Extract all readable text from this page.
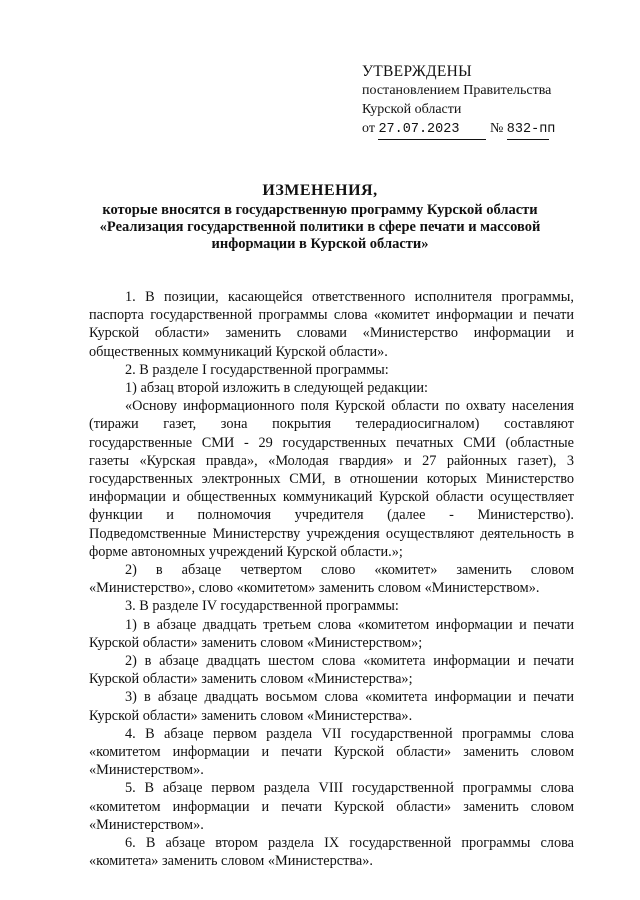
УТВЕРЖДЕНЫ
постановлением Правительства
Курской области
от 27.07.2023 № 832-пп
ИЗМЕНЕНИЯ,
которые вносятся в государственную программу Курской области
«Реализация государственной политики в сфере печати и массовой информации в Курской области»

1. В позиции, касающейся ответственного исполнителя программы, паспорта государственной программы слова «комитет информации и печати Курской области» заменить словами «Министерство информации и общественных коммуникаций Курской области».

2. В разделе I государственной программы:

1) абзац второй изложить в следующей редакции:

«Основу информационного поля Курской области по охвату населения (тиражи газет, зона покрытия телерадиосигналом) составляют государственные СМИ - 29 государственных печатных СМИ (областные газеты «Курская правда», «Молодая гвардия» и 27 районных газет), 3 государственных электронных СМИ, в отношении которых Министерство информации и общественных коммуникаций Курской области осуществляет функции и полномочия учредителя (далее - Министерство). Подведомственные Министерству учреждения осуществляют деятельность в форме автономных учреждений Курской области.»;

2) в абзаце четвертом слово «комитет» заменить словом «Министерство», слово «комитетом» заменить словом «Министерством».

3. В разделе IV государственной программы:

1) в абзаце двадцать третьем слова «комитетом информации и печати Курской области» заменить словом «Министерством»;

2) в абзаце двадцать шестом слова «комитета информации и печати Курской области» заменить словом «Министерства»;

3) в абзаце двадцать восьмом слова «комитета информации и печати Курской области» заменить словом «Министерства».

4. В абзаце первом раздела VII государственной программы слова «комитетом информации и печати Курской области» заменить словом «Министерством».

5. В абзаце первом раздела VIII государственной программы слова «комитетом информации и печати Курской области» заменить словом «Министерством».

6. В абзаце втором раздела IX государственной программы слова «комитета» заменить словом «Министерства».
